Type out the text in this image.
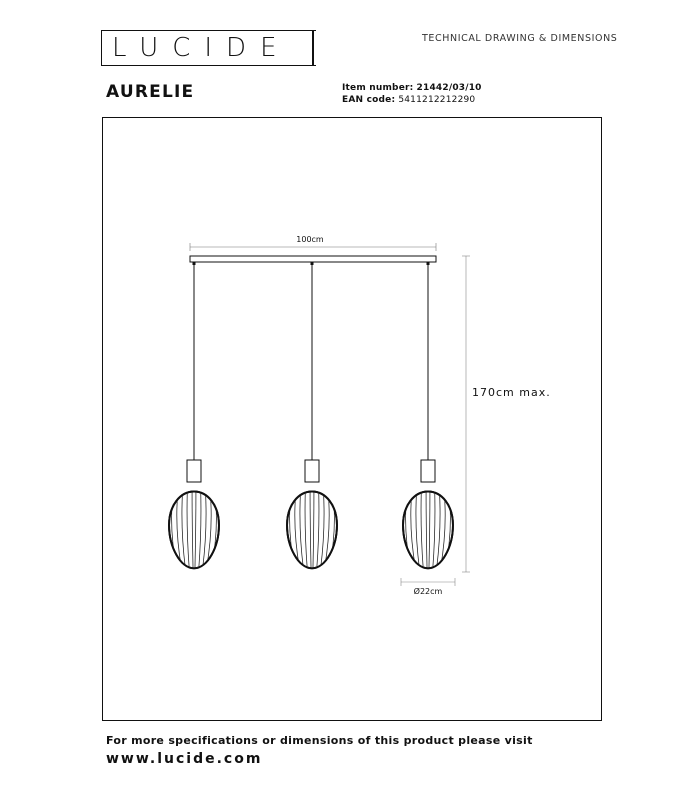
LUCIDE	TECHNICAL DRAWING & DIMENSIONS
AURELIE	Item number: 21442/03/10
EAN code: 5411212212290
100cm
170cm max.
Ø22cm
For more specifications or dimensions of this product please visit
www.lucide.com
